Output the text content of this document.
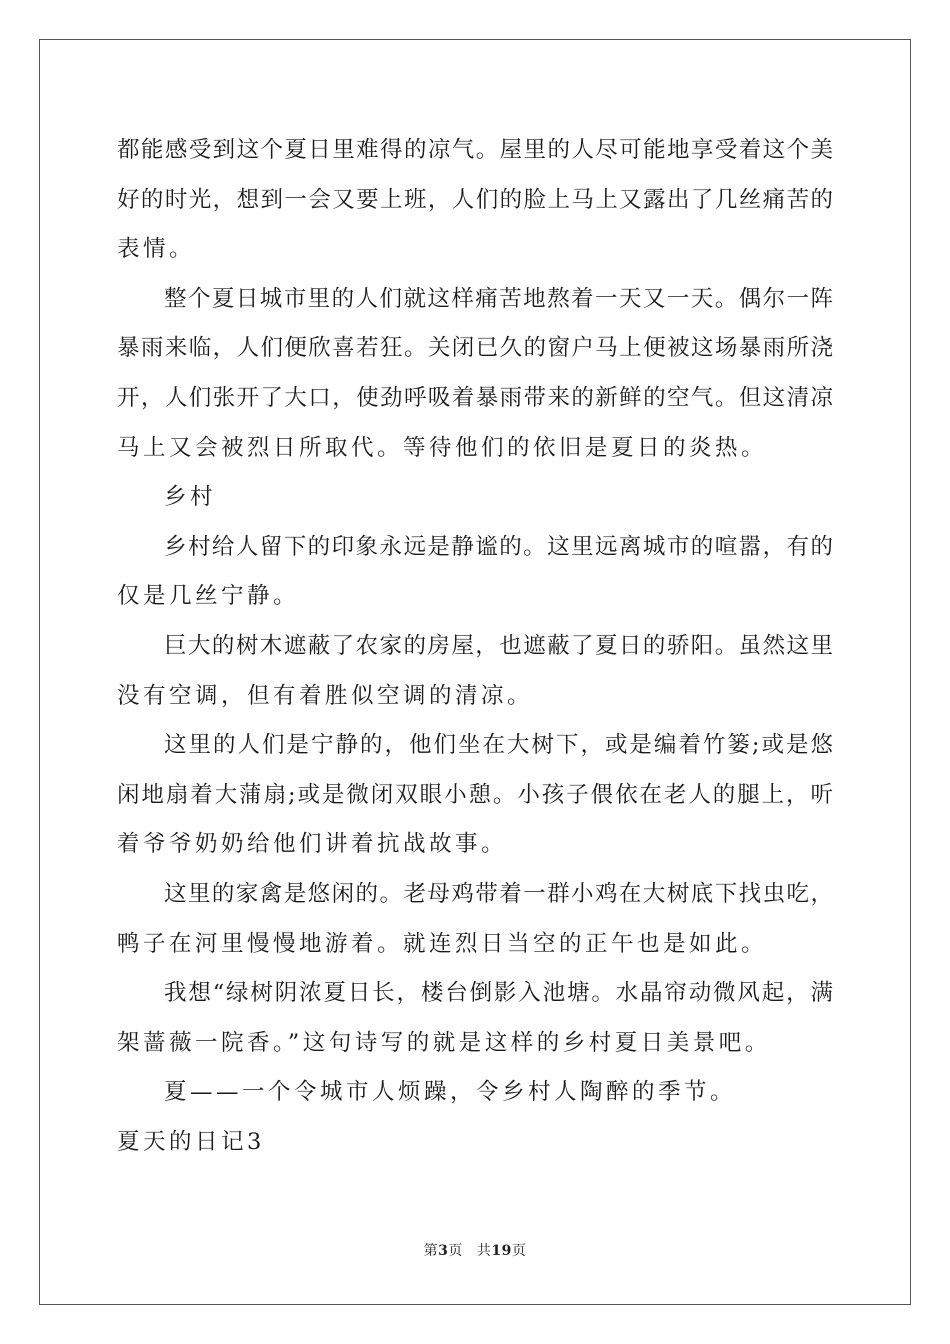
都能感受到这个夏日里难得的凉气。屋里的人尽可能地享受着这个美
好的时光，想到一会又要上班，人们的脸上马上又露出了几丝痛苦的
表情。
整个夏日城市里的人们就这样痛苦地熬着一天又一天。偶尔一阵
暴雨来临，人们便欣喜若狂。关闭已久的窗户马上便被这场暴雨所浇
开，人们张开了大口，使劲呼吸着暴雨带来的新鲜的空气。但这清凉
马上又会被烈日所取代。等待他们的依旧是夏日的炎热。
乡村
乡村给人留下的印象永远是静谧的。这里远离城市的喧嚣，有的
仅是几丝宁静。
巨大的树木遮蔽了农家的房屋，也遮蔽了夏日的骄阳。虽然这里
没有空调，但有着胜似空调的清凉。
这里的人们是宁静的，他们坐在大树下，或是编着竹篓;或是悠
闲地扇着大蒲扇;或是微闭双眼小憩。小孩子偎依在老人的腿上，听
着爷爷奶奶给他们讲着抗战故事。
这里的家禽是悠闲的。老母鸡带着一群小鸡在大树底下找虫吃，
鸭子在河里慢慢地游着。就连烈日当空的正午也是如此。
我想“绿树阴浓夏日长，楼台倒影入池塘。水晶帘动微风起，满
架蔷薇一院香。”这句诗写的就是这样的乡村夏日美景吧。
夏——一个令城市人烦躁，令乡村人陶醉的季节。
夏天的日记3
第3页 共19页
